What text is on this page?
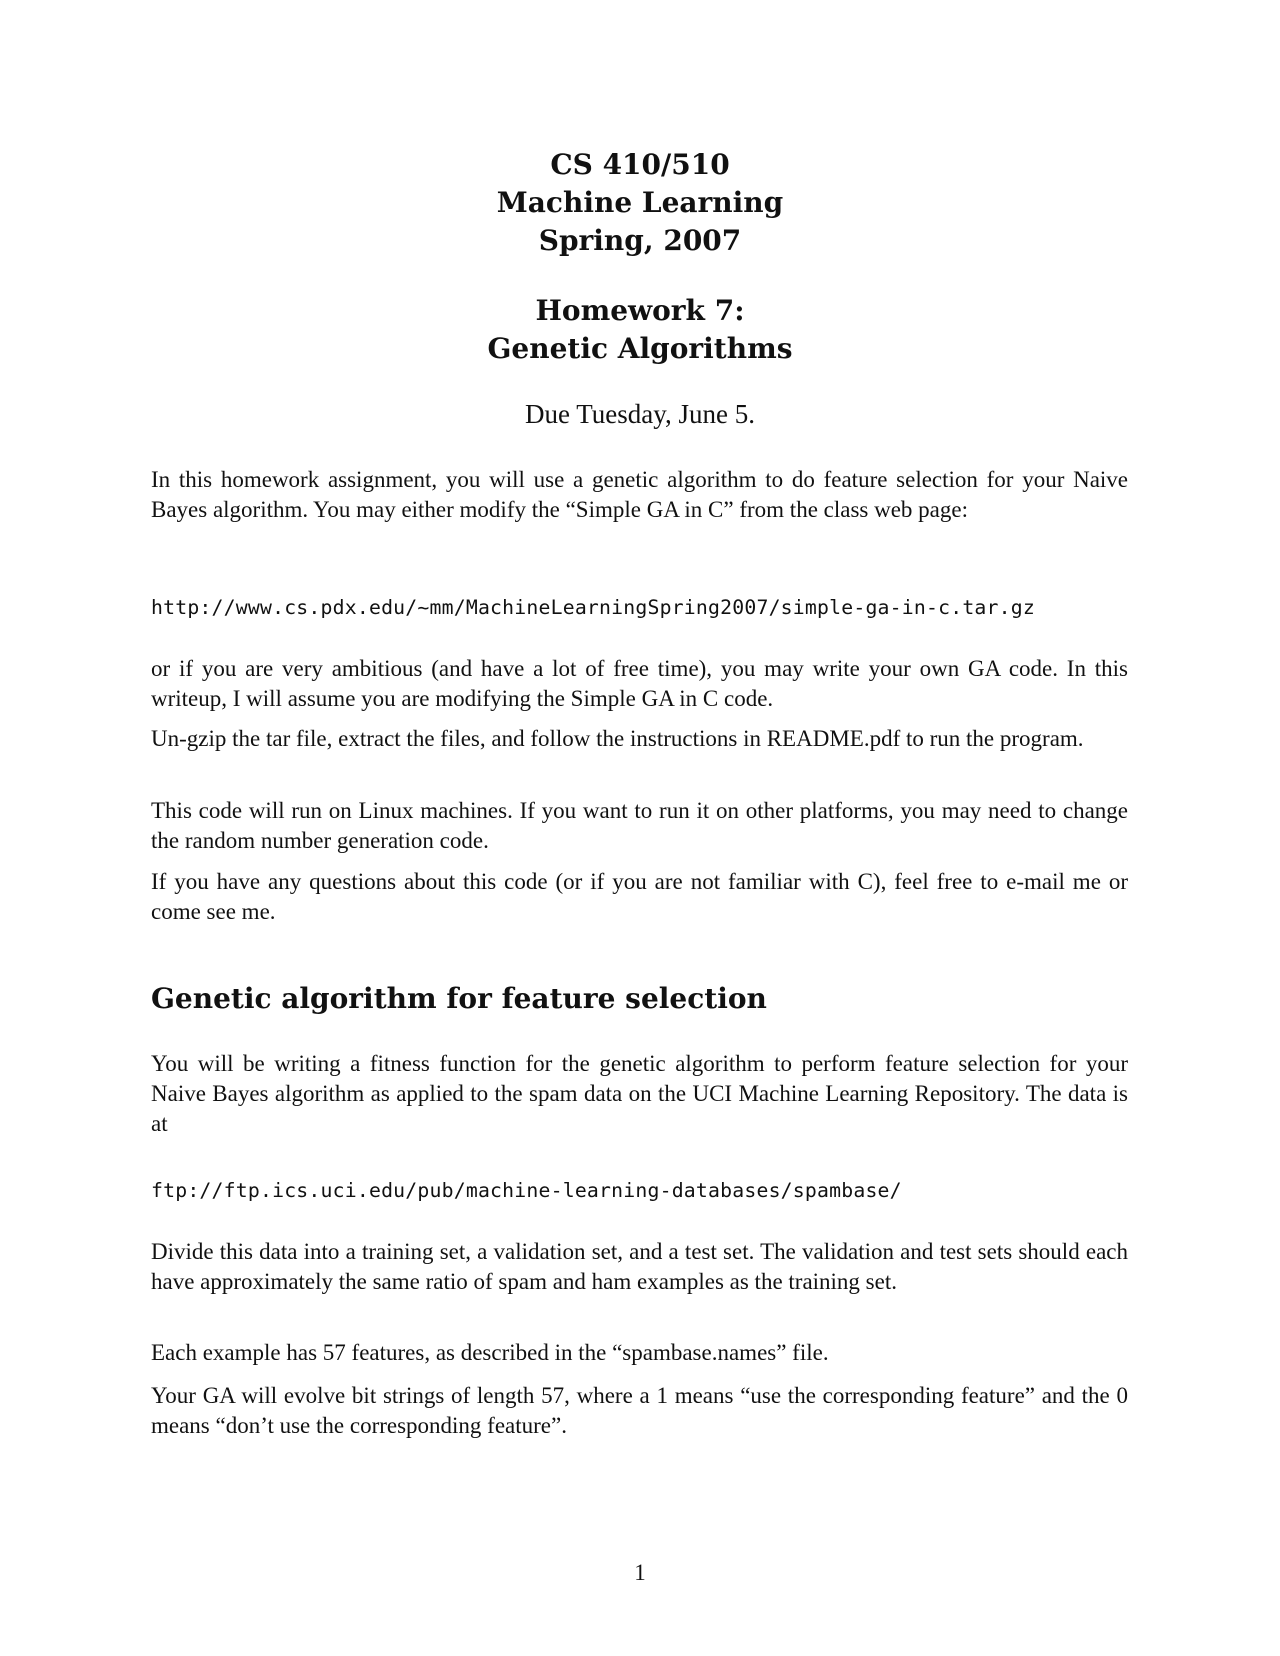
CS 410/510
Machine Learning
Spring, 2007
Homework 7:
Genetic Algorithms
Due Tuesday, June 5.

In this homework assignment, you will use a genetic algorithm to do feature selection for your Naive Bayes algorithm. You may either modify the “Simple GA in C” from the class web page:

http://www.cs.pdx.edu/~mm/MachineLearningSpring2007/simple-ga-in-c.tar.gz

or if you are very ambitious (and have a lot of free time), you may write your own GA code. In this writeup, I will assume you are modifying the Simple GA in C code.

Un-gzip the tar file, extract the files, and follow the instructions in README.pdf to run the program.

This code will run on Linux machines. If you want to run it on other platforms, you may need to change the random number generation code.

If you have any questions about this code (or if you are not familiar with C), feel free to e-mail me or come see me.

Genetic algorithm for feature selection

You will be writing a fitness function for the genetic algorithm to perform feature selection for your Naive Bayes algorithm as applied to the spam data on the UCI Machine Learning Repository. The data is at

ftp://ftp.ics.uci.edu/pub/machine-learning-databases/spambase/

Divide this data into a training set, a validation set, and a test set. The validation and test sets should each have approximately the same ratio of spam and ham examples as the training set.

Each example has 57 features, as described in the “spambase.names” file.

Your GA will evolve bit strings of length 57, where a 1 means “use the corresponding feature” and the 0 means “don’t use the corresponding feature”.

1
